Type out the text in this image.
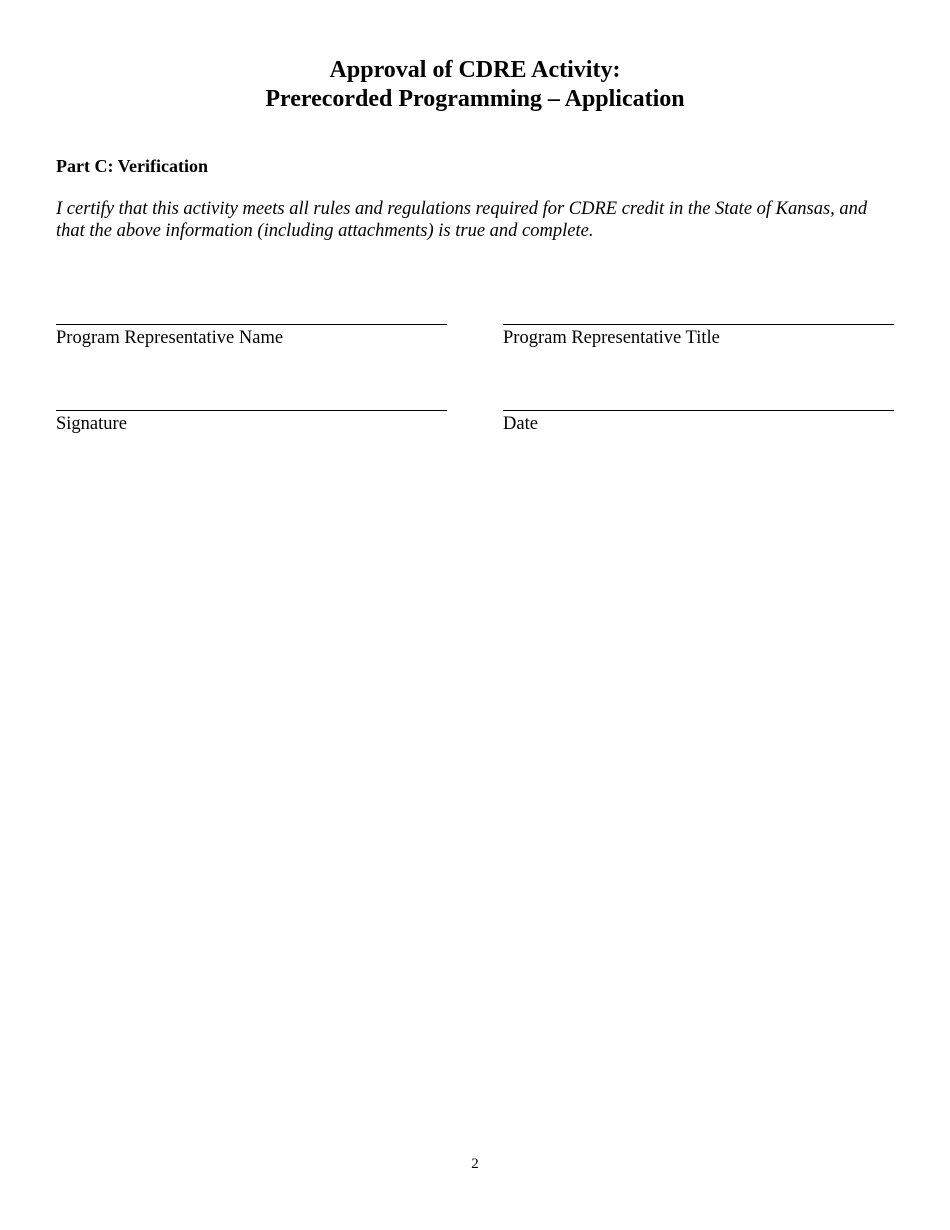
Approval of CDRE Activity:
Prerecorded Programming – Application
Part C: Verification
I certify that this activity meets all rules and regulations required for CDRE credit in the State of Kansas, and that the above information (including attachments) is true and complete.
Program Representative Name	Program Representative Title
Signature	Date
2
